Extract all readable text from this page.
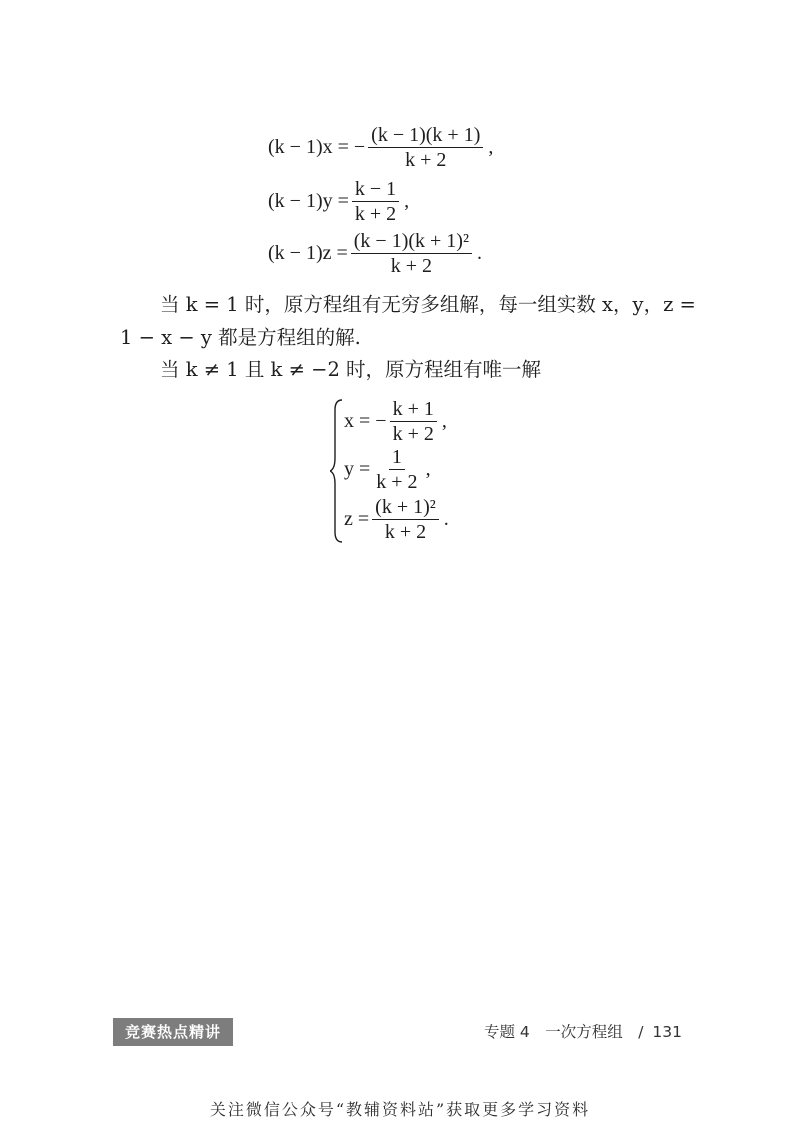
(k − 1)x = − $\frac{(k - 1)(k + 1)}{k + 2}$ ,
$(k - 1)y = \frac{k - 1}{k + 2}$ ,
$(k - 1)z = \frac{\text{(k − 1)(k + 1)²}}{k + 2}$ .
当 k = 1 时，原方程组有无穷多组解，每一组实数 x，y，z =
1 − x − y 都是方程组的解.
当 k ≠ 1 且 k ≠ −2 时，原方程组有唯一解
x = − $\frac{k + 1}{k + 2}$ ,
$y = \frac{1}{k + 2}$ ,
$z = \frac{\text{(k + 1)²}}{k + 2}$ .
竞赛热点精讲	专题 4　一次方程组　/ 131
关注微信公众号“教辅资料站”获取更多学习资料
